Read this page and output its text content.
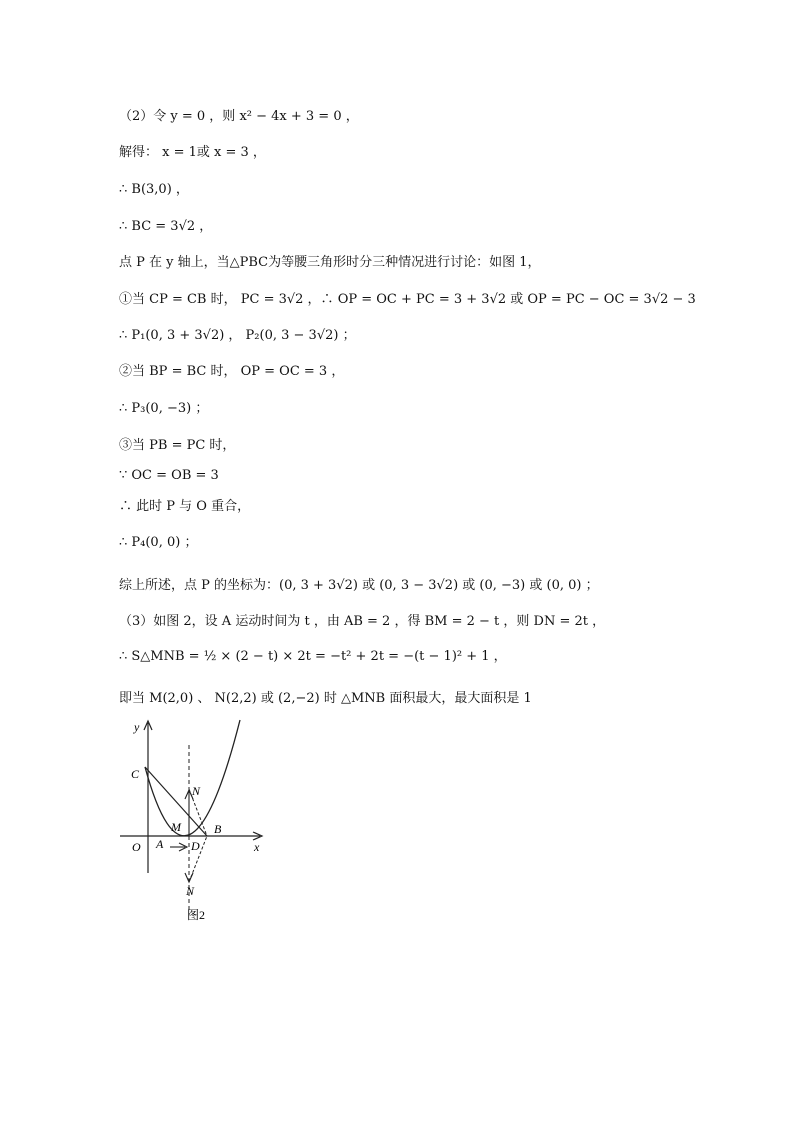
（2）令 y = 0 ，则 x² − 4x + 3 = 0 ，
解得： x = 1或 x = 3 ，
∴ B(3,0) ，
∴ BC = 3√2 ，
点 P 在 y 轴上，当△PBC为等腰三角形时分三种情况进行讨论：如图 1，
①当 CP = CB 时， PC = 3√2 ，∴ OP = OC + PC = 3 + 3√2 或 OP = PC − OC = 3√2 − 3
∴ P₁(0, 3 + 3√2) ， P₂(0, 3 − 3√2) ；
②当 BP = BC 时， OP = OC = 3 ，
∴ P₃(0, −3) ；
③当 PB = PC 时，
∵ OC = OB = 3
∴ 此时 P 与 O 重合，
∴ P₄(0, 0) ；
综上所述，点 P 的坐标为：(0, 3 + 3√2) 或 (0, 3 − 3√2) 或 (0, −3) 或 (0, 0) ；
（3）如图 2，设 A 运动时间为 t ，由 AB = 2 ，得 BM = 2 − t ，则 DN = 2t ，
∴ S△MNB = ½ × (2 − t) × 2t = −t² + 2t = −(t − 1)² + 1 ，
即当 M(2,0) 、 N(2,2) 或 (2,−2) 时 △MNB 面积最大，最大面积是 1
y
x
C
N
M	B
O A D
N
图2
